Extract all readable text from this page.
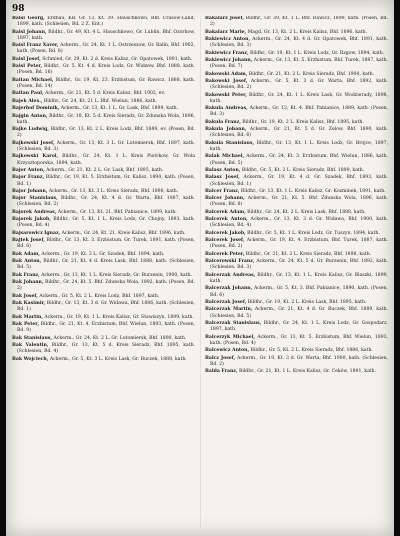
98

Baisi Georg, Erdbau, KB. Gr. 13, Kt. 39. Hauschkowo, Bhf. Crasow-Land, 1899, kath. (Schlesien, Bd. 2 Z. Ent.)

Baisl Johann, Bildhr., Gr. 49, Kt. 4 L. Hauschkowo, Gr. Lublin, Bhf. Ozorkow, 1897, kath.

Baisl Franz Xaver, Ackerm., Gr. 24, Kt. 1 L. Ostrzeszow, Gr. Balin, Bhf. 1902, kath. (Posen, Bd. 8)

Baisl Josef, Schmied, Gr. 29, Kt. 2 d. Kreis Kalisz, Gr. Opatowek, 1891, kath.

Baisl Peter, Bildhr., Gr. 5, Kt. 4 d. Kreis Lodz, Gr. Widzew, Bhf. 1888, kath. (Posen, Bd. 16)

Baitan Michael, Bildhr., Gr. 19, Kt. 23. Erzbistum, Gr. Rawicz, 1888, kath. (Posen, Bd. 14)

Baitan Paul, Ackerm., Gr. 21, Kt. 5 d. Kreis Kalisz, Bhf. 1902, ev.

Bajek Alex., Bildhr., Gr. 24, Kt. 21 L. Bhf. Wielun, 1886, kath.

Bajerhof Dominik, Ackerm., Gr. 13, Kt. 1 L. Gr. Lask, Bhf. 1899, kath.

Bajgin Anton, Bildhr., Gr. 18, Kt. 5 d. Kreis Sieradz, Gr. Zdunska Wola, 1896, kath.

Bajke Ludwig, Bildhr., Gr. 13, Kt. 2 L. Kreis Lodz, Bhf. 1889, ev. (Posen, Bd. 2)

Bajkowski Josef, Ackerm., Gr. 13, Kt. 3 L. Gr. Lutomiersk, Bhf. 1897, kath. (Schlesien, Bd. 3)

Bajkowski Karol, Bildhr., Gr. 24, Kt. 1 L. Kreis Piotrkow, Gr. Wola Krzysztoporska, 1894, kath.

Bajor Anton, Ackerm., Gr. 21, Kt. 2 L. Gr. Lask, Bhf. 1895, kath.

Bajor Franz, Bildhr., Gr. 19, Kt. 5. Erzbistum, Gr. Kalisz, 1890, kath. (Posen, Bd. 1)

Bajor Johann, Ackerm., Gr. 13, Kt. 3 L. Kreis Sieradz, Bhf. 1898, kath.

Bajor Stanislaus, Bildhr., Gr. 24, Kt. 4 d. Gr. Warta, Bhf. 1887, kath. (Schlesien, Bd. 2)

Bajorek Andreas, Ackerm., Gr. 13, Kt. 21. Bhf. Pabianice, 1899, kath.

Bajorek Jakob, Bildhr., Gr. 5, Kt. 1 L. Kreis Lodz, Gr. Chojny, 1893, kath. (Posen, Bd. 4)

Bajsarowicz Ignaz, Ackerm., Gr. 24, Kt. 21. Kreis Kalisz, Bhf. 1896, kath.

Bajtek Josef, Bildhr., Gr. 13, Kt. 3. Erzbistum, Gr. Turek, 1891, kath. (Posen, Bd. 6)

Bak Adam, Ackerm., Gr. 19, Kt. 2 L. Gr. Szadek, Bhf. 1894, kath.

Bak Anton, Bildhr., Gr. 21, Kt. 4 d. Kreis Lask, Bhf. 1888, kath. (Schlesien, Bd. 5)

Bak Franz, Ackerm., Gr. 13, Kt. 1 L. Kreis Sieradz, Gr. Burzenin, 1900, kath.

Bak Johann, Bildhr., Gr. 24, Kt. 5. Bhf. Zdunska Wola, 1892, kath. (Posen, Bd. 2)

Bak Josef, Ackerm., Gr. 5, Kt. 2 L. Kreis Lodz, Bhf. 1897, kath.

Bak Kasimir, Bildhr., Gr. 13, Kt. 3 d. Gr. Widawa, Bhf. 1886, kath. (Schlesien, Bd. 1)

Bak Martin, Ackerm., Gr. 19, Kt. 1 L. Kreis Kalisz, Gr. Stawiszyn, 1899, kath.

Bak Peter, Bildhr., Gr. 21, Kt. 4. Erzbistum, Bhf. Wielun, 1893, kath. (Posen, Bd. 9)

Bak Stanislaus, Ackerm., Gr. 24, Kt. 2 L. Gr. Lutomiersk, Bhf. 1890, kath.

Bak Valentin, Bildhr., Gr. 13, Kt. 5 d. Kreis Sieradz, Bhf. 1895, kath. (Schlesien, Bd. 4)

Bak Wojciech, Ackerm., Gr. 5, Kt. 3 L. Kreis Lask, Gr. Buczek, 1888, kath.

Bakalarz Josef, Bildhr., Gr. 39, Kt. 1 L. Bhf. Rawicz, 1899, kath. (Posen, Bd. 2)

Bakalarz Marie, Magd, Gr. 13, Kt. 2 L. Kreis Kalisz, Bhf. 1896, kath.

Bakiewicz Anton, Ackerm., Gr. 24, Kt. 4 d. Gr. Opatowek, Bhf. 1891, kath. (Schlesien, Bd. 3)

Bakiewicz Franz, Bildhr., Gr. 19, Kt. 1 L. Kreis Lodz, Gr. Rzgow, 1894, kath.

Bakiewicz Johann, Ackerm., Gr. 13, Kt. 5. Erzbistum, Bhf. Turek, 1887, kath. (Posen, Bd. 7)

Bakowski Adam, Bildhr., Gr. 21, Kt. 2 L. Kreis Sieradz, Bhf. 1900, kath.

Bakowski Josef, Ackerm., Gr. 5, Kt. 3 d. Gr. Warta, Bhf. 1892, kath. (Schlesien, Bd. 2)

Bakowski Peter, Bildhr., Gr. 24, Kt. 1 L. Kreis Lask, Gr. Wodzierady, 1898, kath.

Bakula Andreas, Ackerm., Gr. 13, Kt. 4. Bhf. Pabianice, 1889, kath. (Posen, Bd. 3)

Bakula Franz, Bildhr., Gr. 19, Kt. 2 L. Kreis Kalisz, Bhf. 1895, kath.

Bakula Johann, Ackerm., Gr. 21, Kt. 5 d. Gr. Zelow, Bhf. 1890, kath. (Schlesien, Bd. 6)

Bakula Stanislaus, Bildhr., Gr. 13, Kt. 1 L. Kreis Lodz, Gr. Brojce, 1897, kath.

Balak Michael, Ackerm., Gr. 24, Kt. 3. Erzbistum, Bhf. Wielun, 1886, kath. (Posen, Bd. 5)

Balasz Anton, Bildhr., Gr. 5, Kt. 2 L. Kreis Sieradz, Bhf. 1899, kath.

Balasz Josef, Ackerm., Gr. 19, Kt. 4 d. Gr. Szadek, Bhf. 1893, kath. (Schlesien, Bd. 1)

Balcer Franz, Bildhr., Gr. 13, Kt. 1 L. Kreis Kalisz, Gr. Kozminek, 1891, kath.

Balcer Johann, Ackerm., Gr. 21, Kt. 5. Bhf. Zdunska Wola, 1896, kath. (Posen, Bd. 8)

Balcerek Adam, Bildhr., Gr. 24, Kt. 2 L. Kreis Lask, Bhf. 1888, kath.

Balcerek Anton, Ackerm., Gr. 13, Kt. 3 d. Gr. Widawa, Bhf. 1900, kath. (Schlesien, Bd. 4)

Balcerek Jakob, Bildhr., Gr. 5, Kt. 1 L. Kreis Lodz, Gr. Tuszyn, 1894, kath.

Balcerek Josef, Ackerm., Gr. 19, Kt. 4. Erzbistum, Bhf. Turek, 1887, kath. (Posen, Bd. 2)

Balcerek Peter, Bildhr., Gr. 21, Kt. 2 L. Kreis Sieradz, Bhf. 1898, kath.

Balcerowski Franz, Ackerm., Gr. 24, Kt. 5 d. Gr. Burzenin, Bhf. 1892, kath. (Schlesien, Bd. 3)

Balcerzak Andreas, Bildhr., Gr. 13, Kt. 1 L. Kreis Kalisz, Gr. Blaszki, 1899, kath.

Balcerzak Johann, Ackerm., Gr. 5, Kt. 3. Bhf. Pabianice, 1890, kath. (Posen, Bd. 6)

Balcerzak Josef, Bildhr., Gr. 19, Kt. 2 L. Kreis Lask, Bhf. 1895, kath.

Balcerzak Martin, Ackerm., Gr. 21, Kt. 4 d. Gr. Buczek, Bhf. 1889, kath. (Schlesien, Bd. 5)

Balcerzak Stanislaus, Bildhr., Gr. 24, Kt. 1 L. Kreis Lodz, Gr. Gospodarz, 1897, kath.

Balcerzyk Michael, Ackerm., Gr. 13, Kt. 5. Erzbistum, Bhf. Wielun, 1893, kath. (Posen, Bd. 4)

Balcewicz Anton, Bildhr., Gr. 5, Kt. 2 L. Kreis Sieradz, Bhf. 1886, kath.

Balcz Josef, Ackerm., Gr. 19, Kt. 3 d. Gr. Warta, Bhf. 1900, kath. (Schlesien, Bd. 2)

Balda Franz, Bildhr., Gr. 21, Kt. 1 L. Kreis Kalisz, Gr. Ceków, 1891, kath.
